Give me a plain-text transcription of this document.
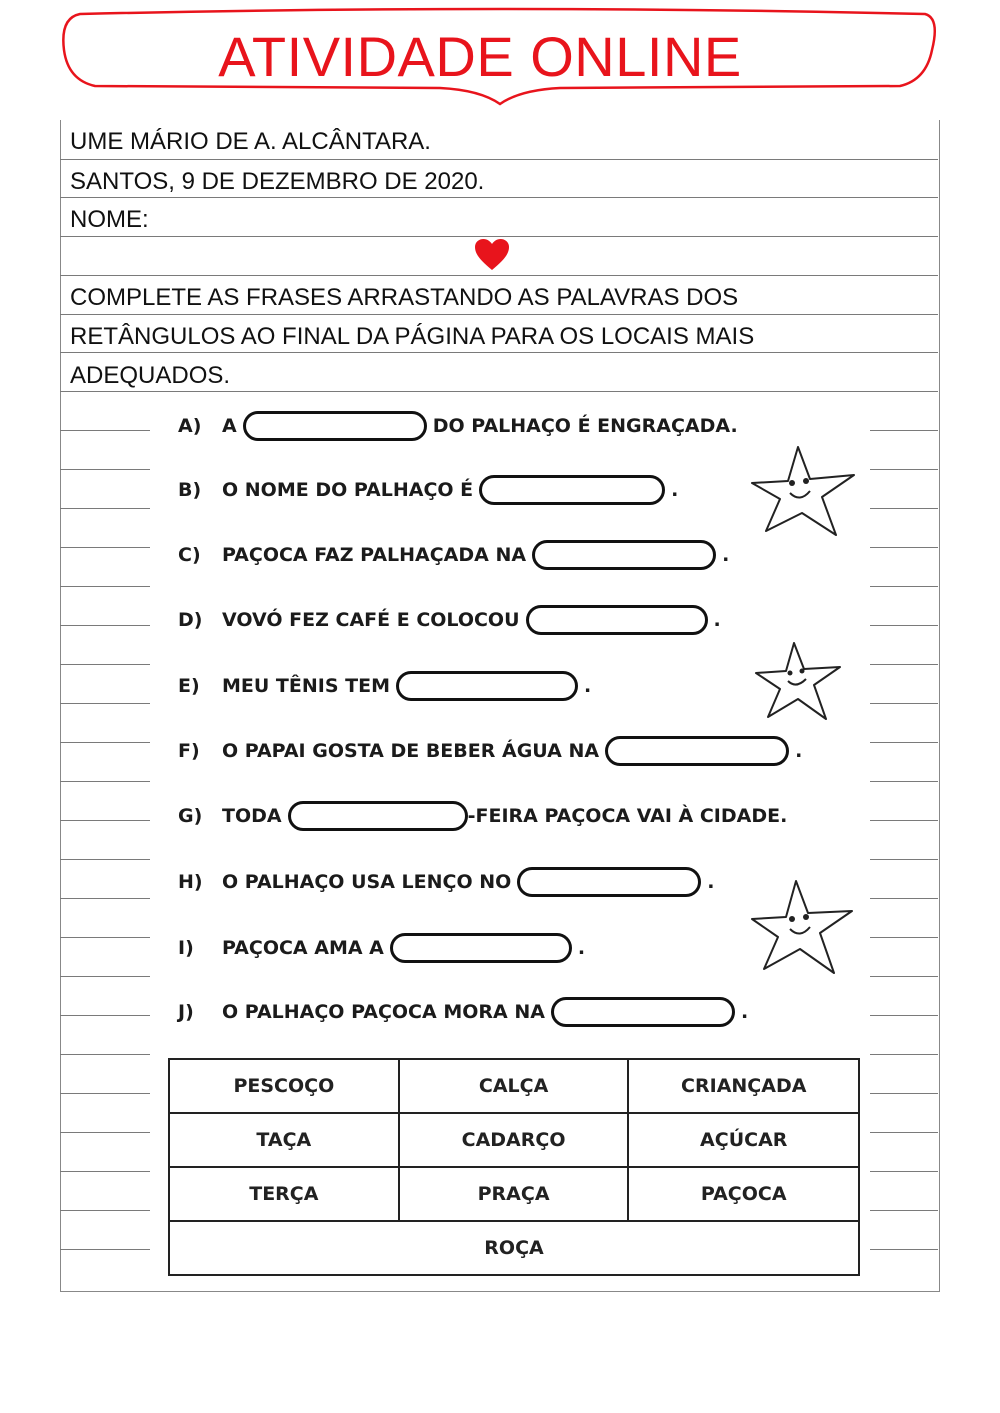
ATIVIDADE ONLINE
UME MÁRIO DE A. ALCÂNTARA.
SANTOS, 9 DE DEZEMBRO DE 2020.
NOME:
COMPLETE AS FRASES ARRASTANDO AS PALAVRAS DOS
RETÂNGULOS AO FINAL DA PÁGINA PARA OS LOCAIS MAIS
ADEQUADOS.
A)	A	DO PALHAÇO É ENGRAÇADA.
B)	O NOME DO PALHAÇO É	.
C)	PAÇOCA FAZ PALHAÇADA NA	.
D)	VOVÓ FEZ CAFÉ E COLOCOU	.
E)	MEU TÊNIS TEM	.
F)	O PAPAI GOSTA DE BEBER ÁGUA NA	.
G)	TODA	-FEIRA PAÇOCA VAI À CIDADE.
H)	O PALHAÇO USA LENÇO NO	.
I)	PAÇOCA AMA A	.
J)	O PALHAÇO PAÇOCA MORA NA	.
PESCOÇO	CALÇA	CRIANÇADA
TAÇA	CADARÇO	AÇÚCAR
TERÇA	PRAÇA	PAÇOCA
ROÇA		
